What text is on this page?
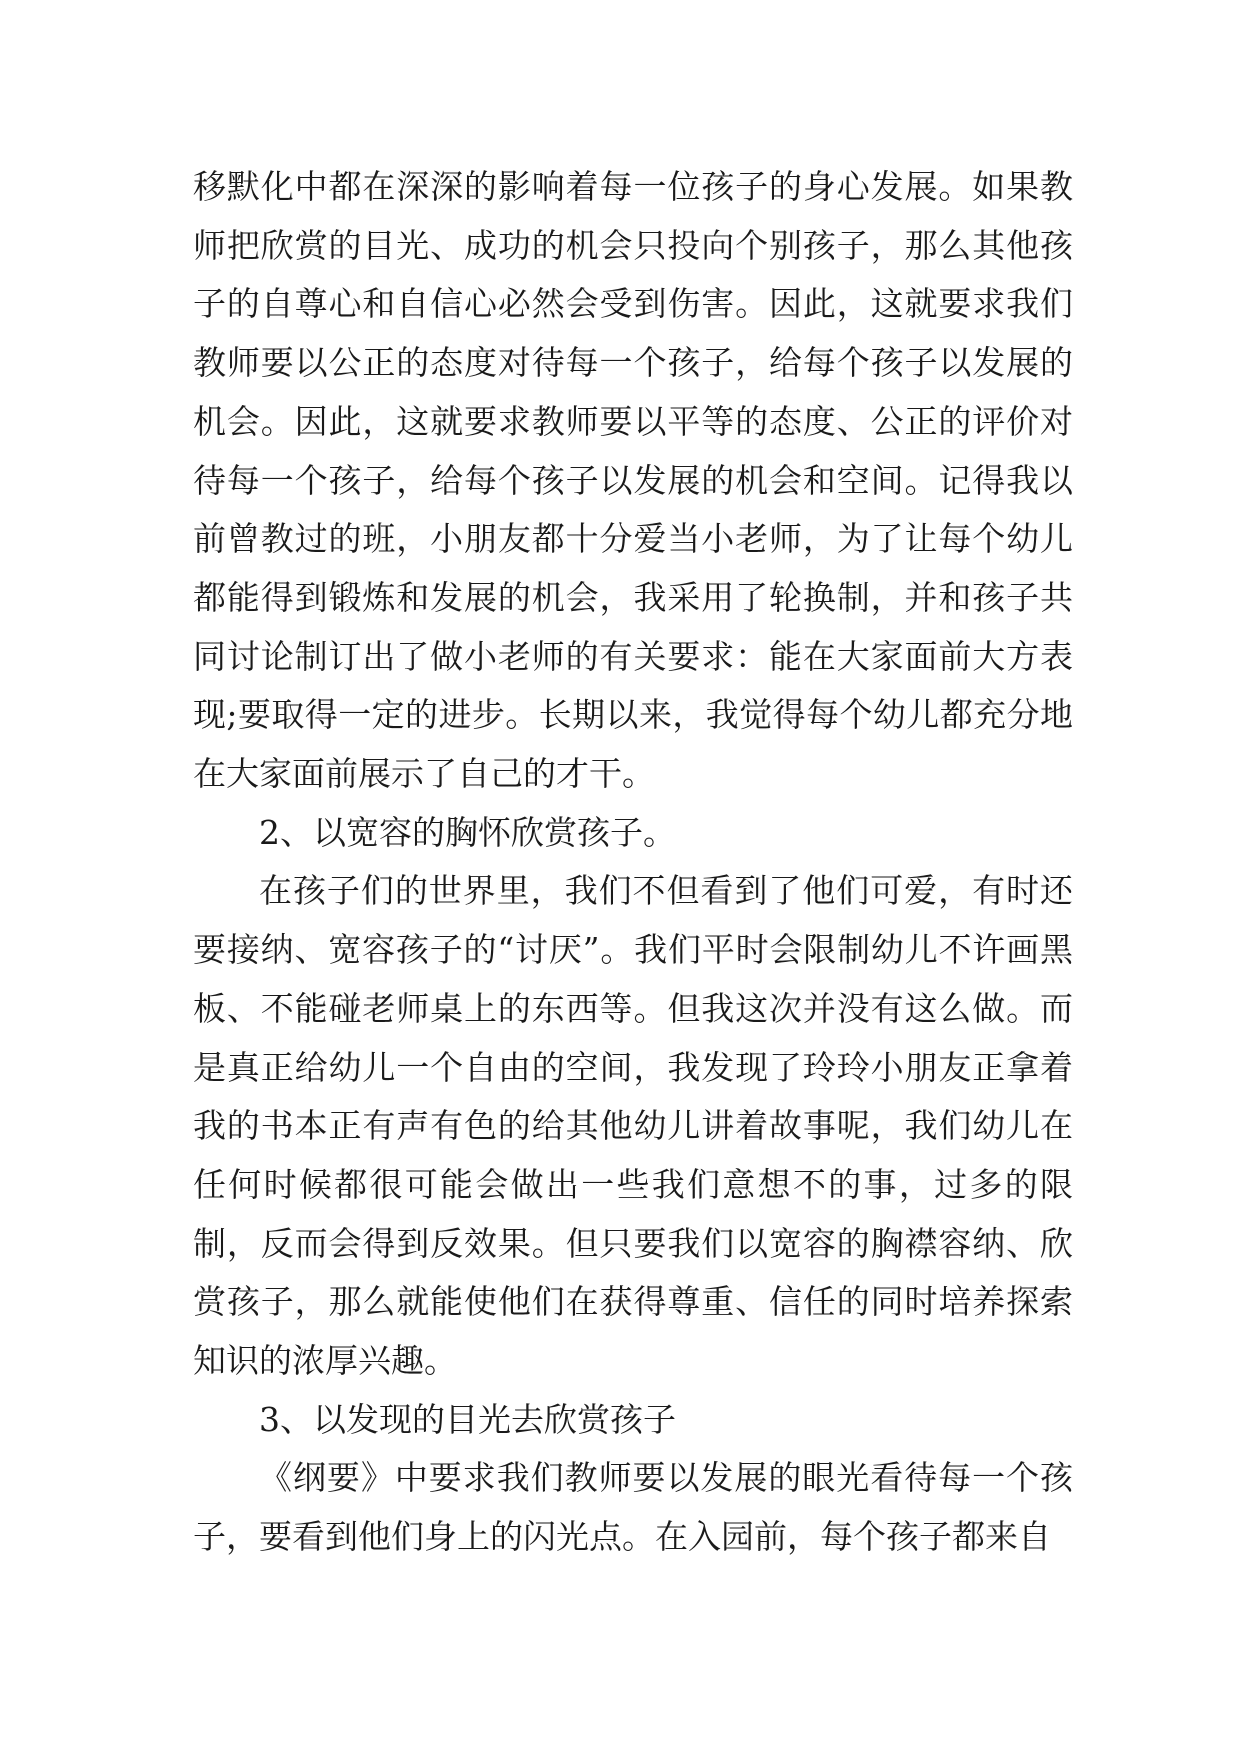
移默化中都在深深的影响着每一位孩子的身心发展。如果教师把欣赏的目光、成功的机会只投向个别孩子，那么其他孩子的自尊心和自信心必然会受到伤害。因此，这就要求我们教师要以公正的态度对待每一个孩子，给每个孩子以发展的机会。因此，这就要求教师要以平等的态度、公正的评价对待每一个孩子，给每个孩子以发展的机会和空间。记得我以前曾教过的班，小朋友都十分爱当小老师，为了让每个幼儿都能得到锻炼和发展的机会，我采用了轮换制，并和孩子共同讨论制订出了做小老师的有关要求：能在大家面前大方表现;要取得一定的进步。长期以来，我觉得每个幼儿都充分地在大家面前展示了自己的才干。

2、以宽容的胸怀欣赏孩子。

在孩子们的世界里，我们不但看到了他们可爱，有时还要接纳、宽容孩子的“讨厌”。我们平时会限制幼儿不许画黑板、不能碰老师桌上的东西等。但我这次并没有这么做。而是真正给幼儿一个自由的空间，我发现了玲玲小朋友正拿着我的书本正有声有色的给其他幼儿讲着故事呢，我们幼儿在任何时候都很可能会做出一些我们意想不的事，过多的限制，反而会得到反效果。但只要我们以宽容的胸襟容纳、欣赏孩子，那么就能使他们在获得尊重、信任的同时培养探索知识的浓厚兴趣。

3、以发现的目光去欣赏孩子

《纲要》中要求我们教师要以发展的眼光看待每一个孩子，要看到他们身上的闪光点。在入园前，每个孩子都来自
